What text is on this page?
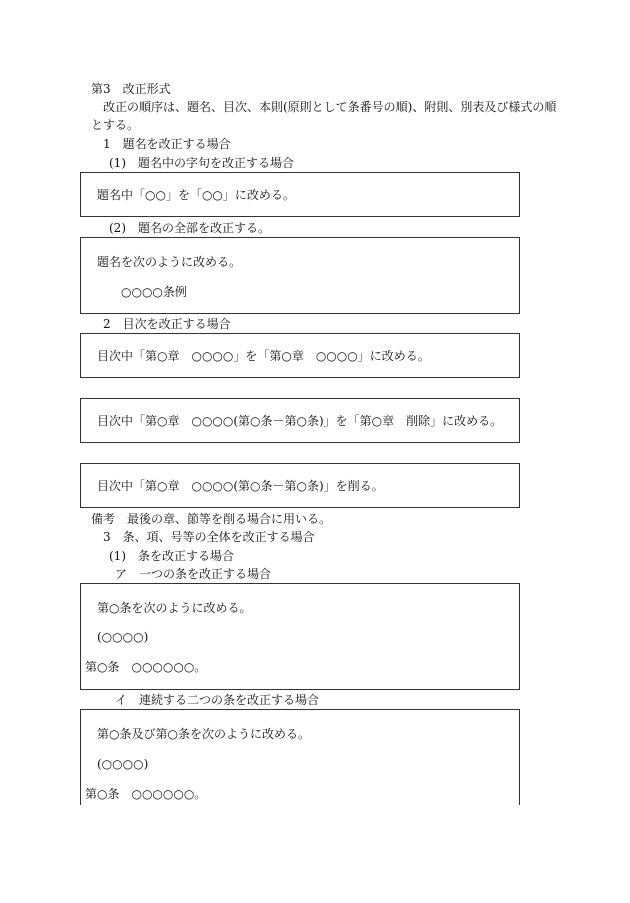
第3　改正形式
改正の順序は、題名、目次、本則(原則として条番号の順)、附則、別表及び様式の順
とする。
1　題名を改正する場合
(1)　題名中の字句を改正する場合
題名中「○○」を「○○」に改める。
(2)　題名の全部を改正する。
題名を次のように改める。
○○○○条例
2　目次を改正する場合
目次中「第○章　○○○○」を「第○章　○○○○」に改める。
目次中「第○章　○○○○(第○条－第○条)」を「第○章　削除」に改める。
目次中「第○章　○○○○(第○条－第○条)」を削る。
備考　最後の章、節等を削る場合に用いる。
3　条、項、号等の全体を改正する場合
(1)　条を改正する場合
ア　一つの条を改正する場合
第○条を次のように改める。
(○○○○)
第○条　○○○○○○。
イ　連続する二つの条を改正する場合
第○条及び第○条を次のように改める。
(○○○○)
第○条　○○○○○○。
